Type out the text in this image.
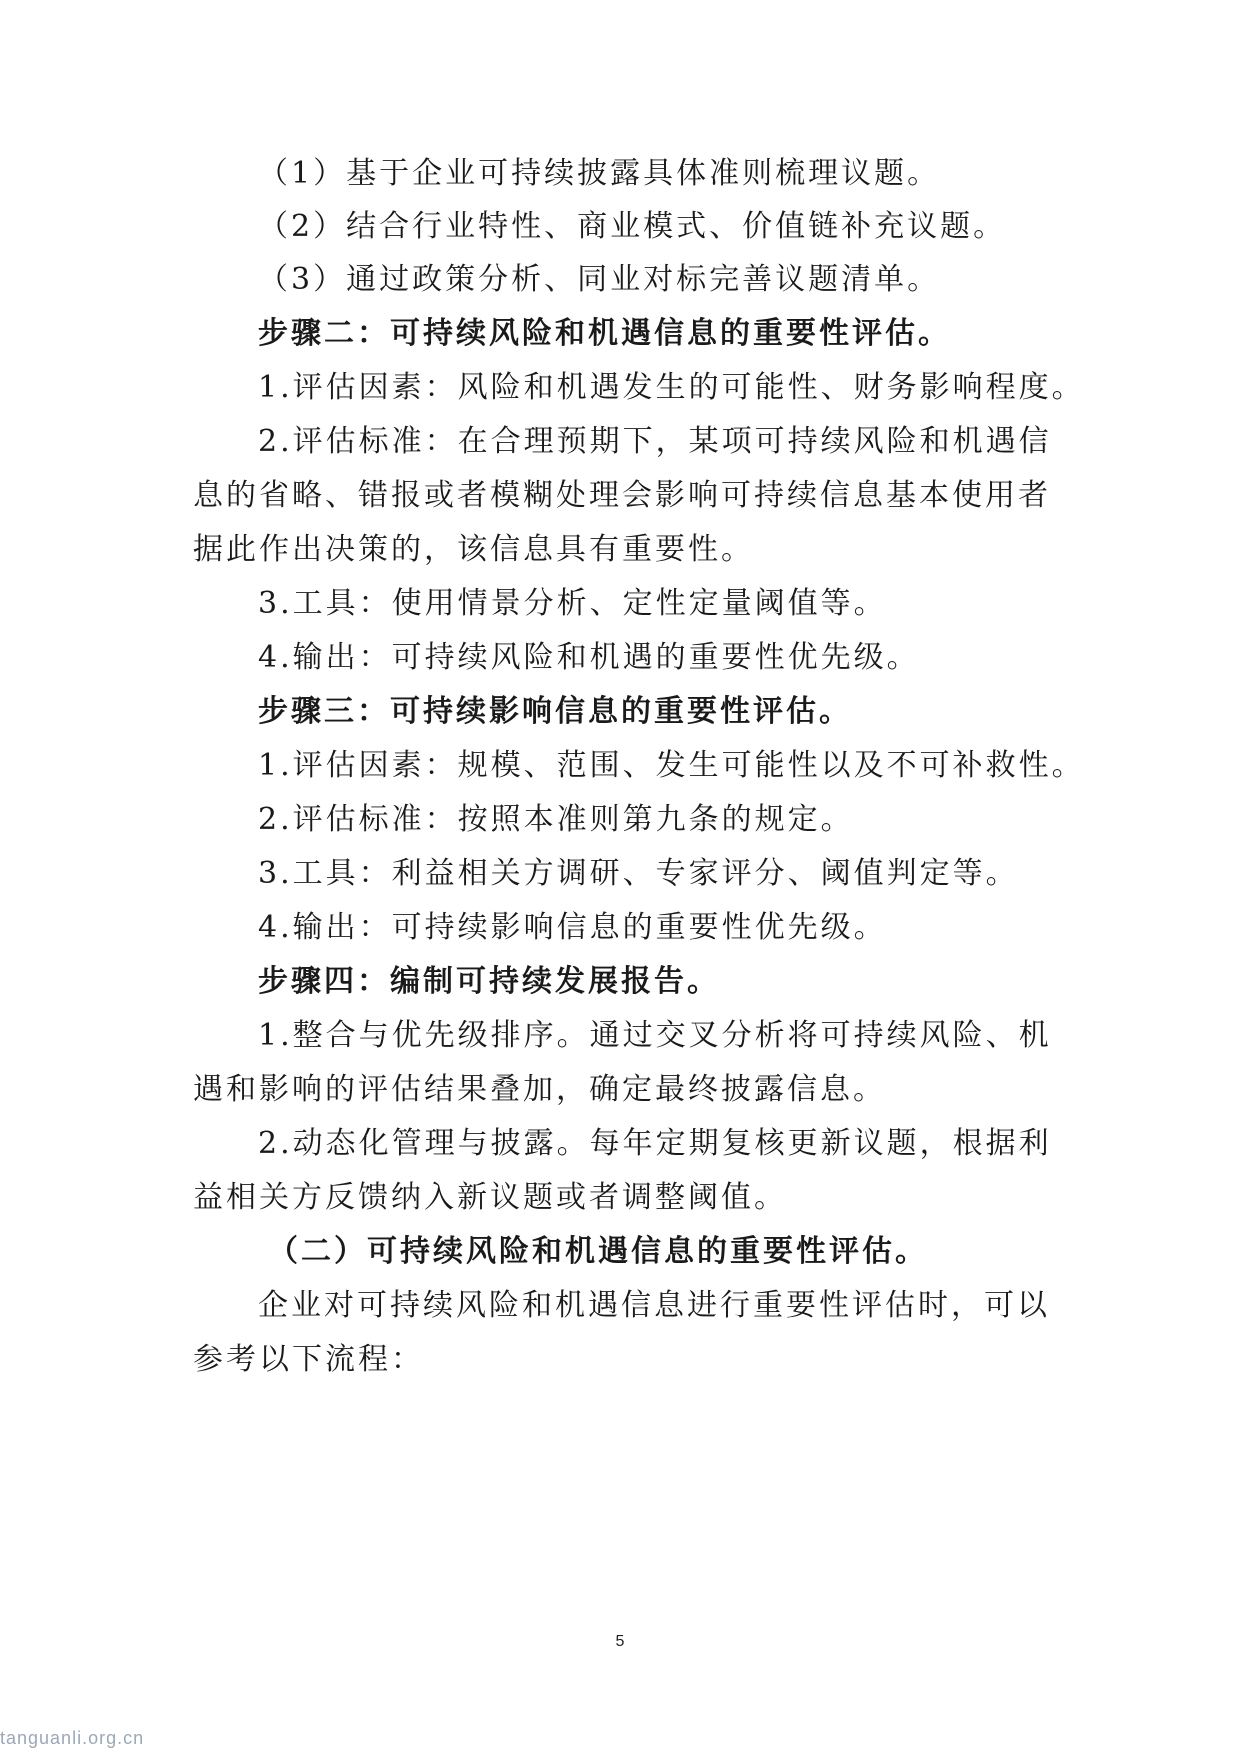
（1）基于企业可持续披露具体准则梳理议题。
（2）结合行业特性、商业模式、价值链补充议题。
（3）通过政策分析、同业对标完善议题清单。
步骤二：可持续风险和机遇信息的重要性评估。
1.评估因素：风险和机遇发生的可能性、财务影响程度。
2.评估标准：在合理预期下，某项可持续风险和机遇信
息的省略、错报或者模糊处理会影响可持续信息基本使用者
据此作出决策的，该信息具有重要性。
3.工具：使用情景分析、定性定量阈值等。
4.输出：可持续风险和机遇的重要性优先级。
步骤三：可持续影响信息的重要性评估。
1.评估因素：规模、范围、发生可能性以及不可补救性。
2.评估标准：按照本准则第九条的规定。
3.工具：利益相关方调研、专家评分、阈值判定等。
4.输出：可持续影响信息的重要性优先级。
步骤四：编制可持续发展报告。
1.整合与优先级排序。通过交叉分析将可持续风险、机
遇和影响的评估结果叠加，确定最终披露信息。
2.动态化管理与披露。每年定期复核更新议题，根据利
益相关方反馈纳入新议题或者调整阈值。
（二）可持续风险和机遇信息的重要性评估。
企业对可持续风险和机遇信息进行重要性评估时，可以
参考以下流程：
5
tanguanli.org.cn
